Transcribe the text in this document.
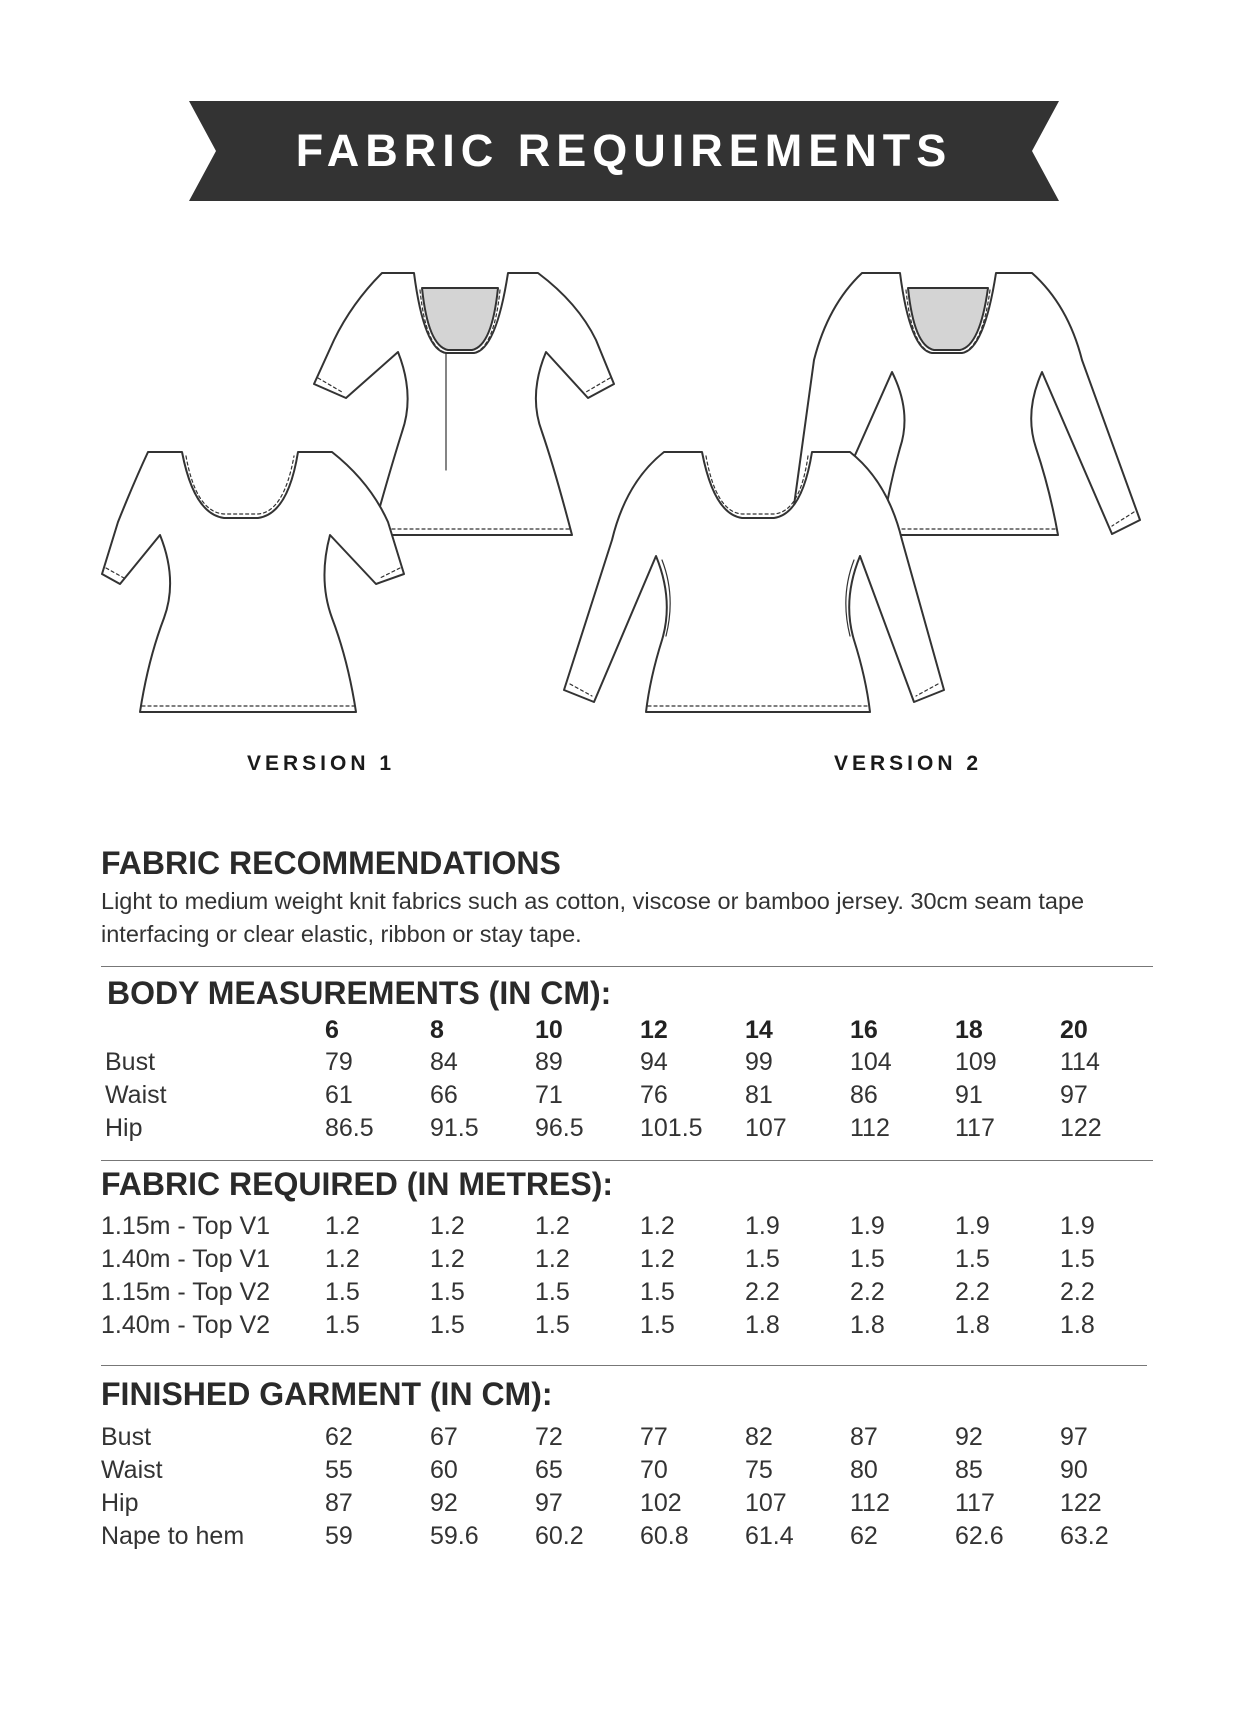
FABRIC REQUIREMENTS
VERSION 1	VERSION 2
FABRIC RECOMMENDATIONS
Light to medium weight knit fabrics such as cotton, viscose or bamboo jersey. 30cm seam tape
interfacing or clear elastic, ribbon or stay tape.
BODY MEASUREMENTS (IN CM):
6	8	10	12	14	16	18	20
Bust	79	84	89	94	99	104	109	114
Waist	61	66	71	76	81	86	91	97
Hip	86.5 91.5 96.5 101.5 107	112	117	122
FABRIC REQUIRED (IN METRES):
1.15m - Top V1 1.2	1.2	1.2	1.2	1.9	1.9	1.9	1.9
1.40m - Top V1 1.2	1.2	1.2	1.2	1.5	1.5	1.5	1.5
1.15m - Top V2 1.5	1.5	1.5	1.5	2.2	2.2	2.2	2.2
1.40m - Top V2 1.5	1.5	1.5	1.5	1.8	1.8	1.8	1.8
FINISHED GARMENT (IN CM):
Bust	62	67	72	77	82	87	92	97
Waist	55	60	65	70	75	80	85	90
Hip	87	92	97	102	107	112	117	122
Nape to hem	59	59.6 60.2 60.8 61.4 62	62.6 63.2
